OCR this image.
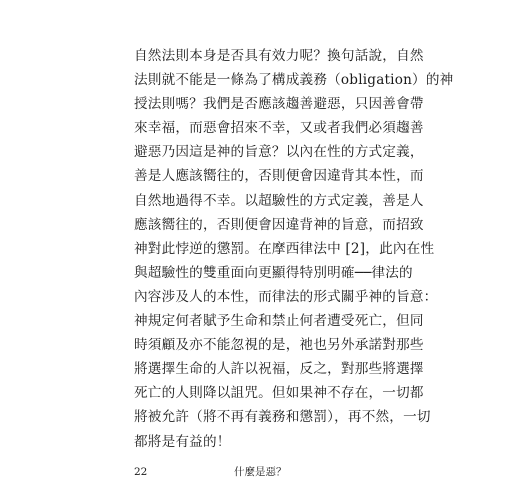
自然法則本身是否具有效力呢？換句話說，自然
法則就不能是一條為了構成義務（obligation）的神
授法則嗎？我們是否應該趨善避惡，只因善會帶
來幸福，而惡會招來不幸，又或者我們必須趨善
避惡乃因這是神的旨意？以內在性的方式定義，
善是人應該嚮往的，否則便會因違背其本性，而
自然地過得不幸。以超驗性的方式定義，善是人
應該嚮往的，否則便會因違背神的旨意，而招致
神對此悖逆的懲罰。在摩西律法中 [2]，此內在性
與超驗性的雙重面向更顯得特別明確──律法的
內容涉及人的本性，而律法的形式關乎神的旨意：
神規定何者賦予生命和禁止何者遭受死亡，但同
時須顧及亦不能忽視的是，祂也另外承諾對那些
將選擇生命的人許以祝福，反之，對那些將選擇
死亡的人則降以詛咒。但如果神不存在，一切都
將被允許（將不再有義務和懲罰），再不然，一切
都將是有益的！
22	什麼是惡？
